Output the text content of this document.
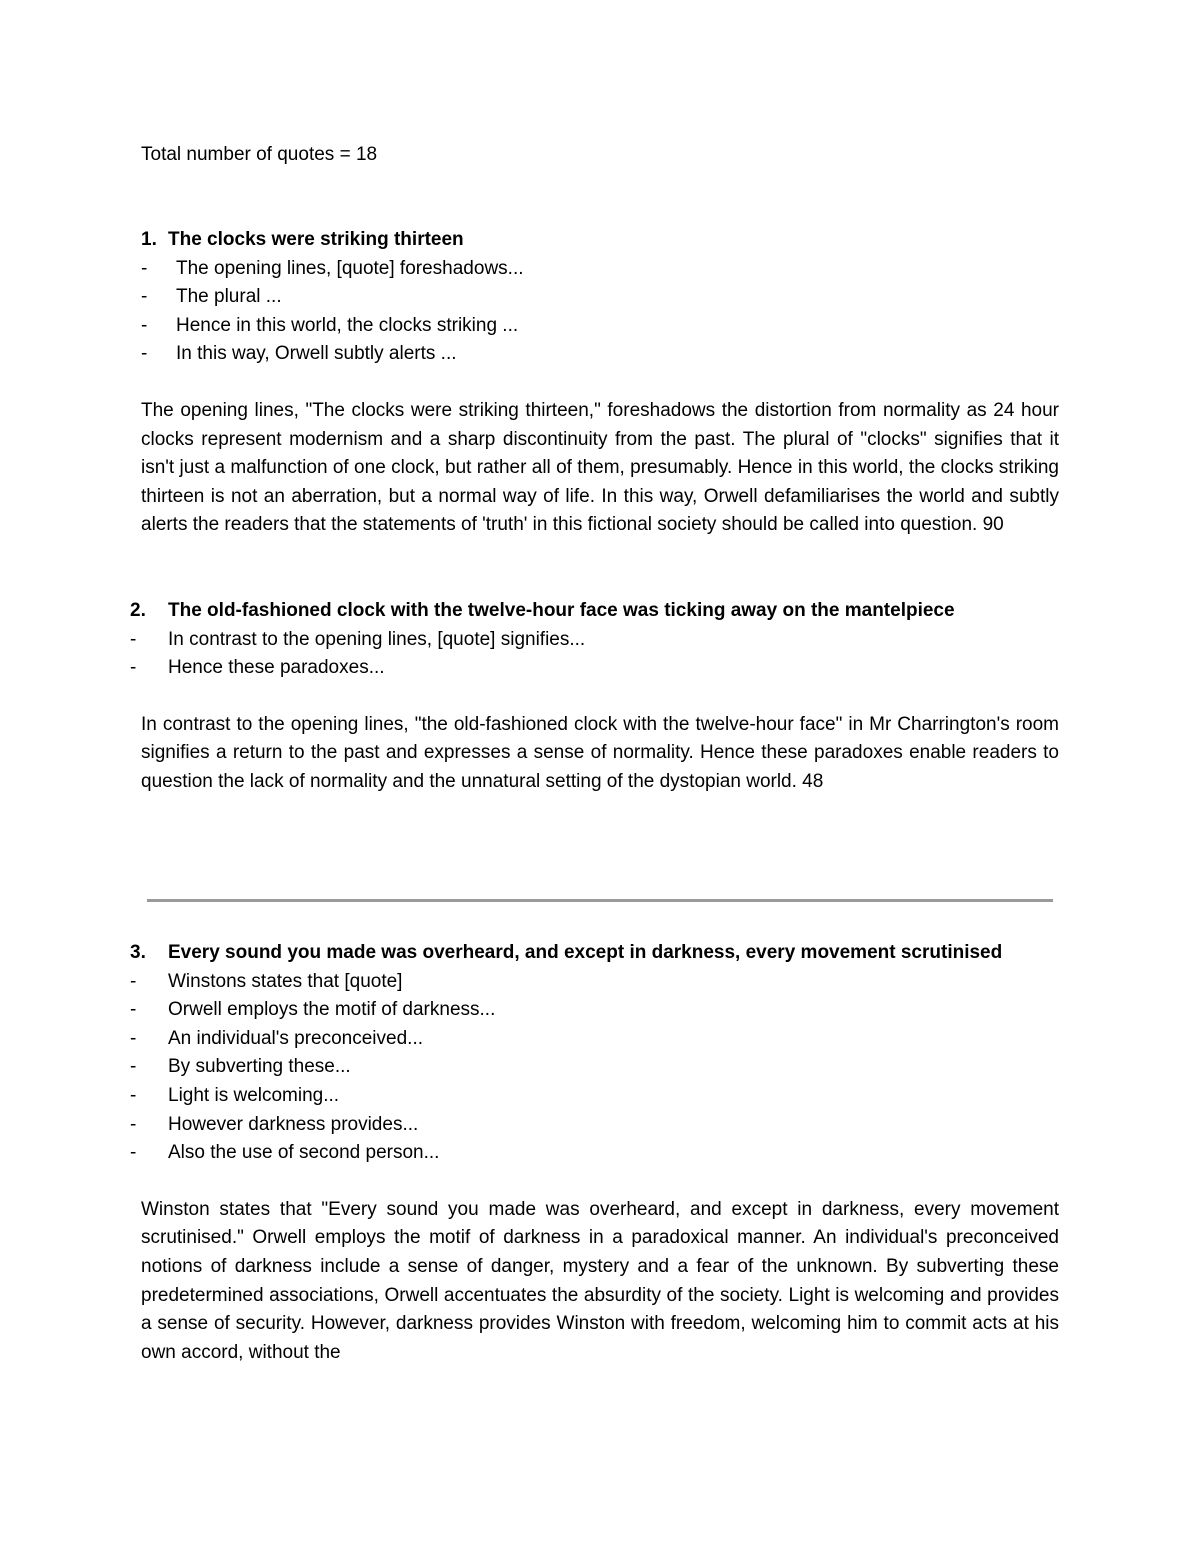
Total number of quotes = 18
1. The clocks were striking thirteen
-	The opening lines, [quote] foreshadows...
-	The plural ...
-	Hence in this world, the clocks striking ...
-	In this way, Orwell subtly alerts ...

The opening lines, "The clocks were striking thirteen," foreshadows the distortion from normality as 24 hour clocks represent modernism and a sharp discontinuity from the past. The plural of "clocks" signifies that it isn't just a malfunction of one clock, but rather all of them, presumably. Hence in this world, the clocks striking thirteen is not an aberration, but a normal way of life. In this way, Orwell defamiliarises the world and subtly alerts the readers that the statements of 'truth' in this fictional society should be called into question. 90

2.	The old-fashioned clock with the twelve-hour face was ticking away on the mantelpiece
-	In contrast to the opening lines, [quote] signifies...
-	Hence these paradoxes...

In contrast to the opening lines, "the old-fashioned clock with the twelve-hour face" in Mr Charrington's room signifies a return to the past and expresses a sense of normality. Hence these paradoxes enable readers to question the lack of normality and the unnatural setting of the dystopian world. 48

3.	Every sound you made was overheard, and except in darkness, every movement scrutinised
-	Winstons states that [quote]
-	Orwell employs the motif of darkness...
-	An individual's preconceived...
-	By subverting these...
-	Light is welcoming...
-	However darkness provides...
-	Also the use of second person...

Winston states that "Every sound you made was overheard, and except in darkness, every movement scrutinised." Orwell employs the motif of darkness in a paradoxical manner. An individual's preconceived notions of darkness include a sense of danger, mystery and a fear of the unknown. By subverting these predetermined associations, Orwell accentuates the absurdity of the society. Light is welcoming and provides a sense of security. However, darkness provides Winston with freedom, welcoming him to commit acts at his own accord, without the
